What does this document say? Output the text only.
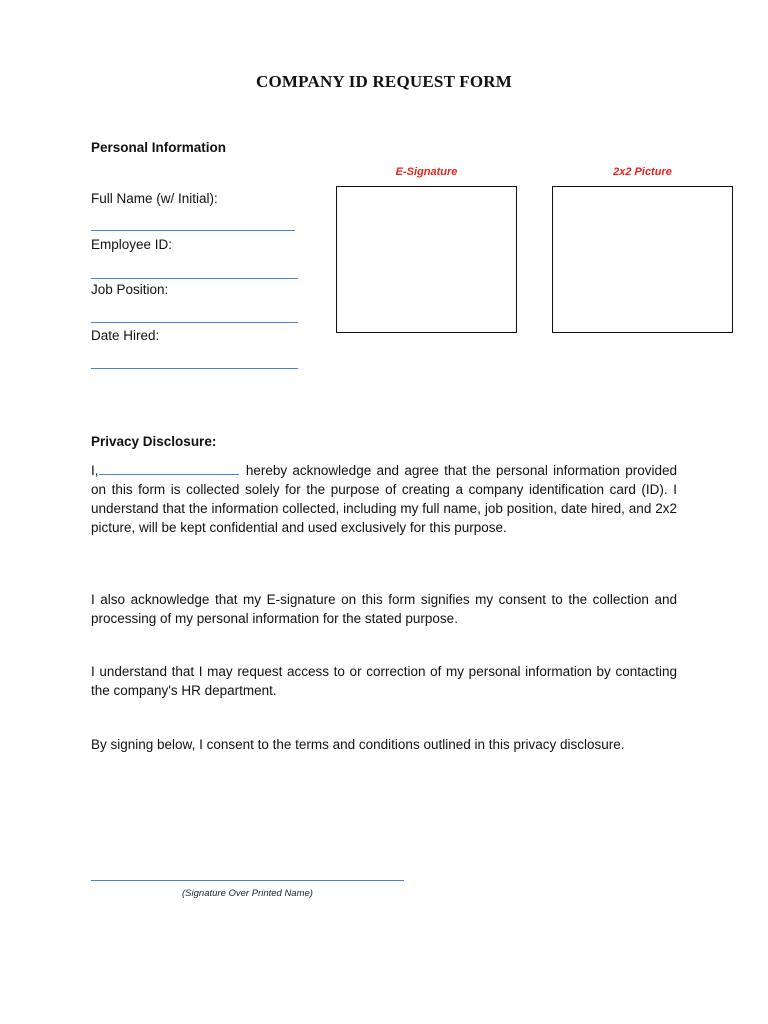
COMPANY ID REQUEST FORM
Personal Information
Full Name (w/ Initial):
Employee ID:
Job Position:
Date Hired:
E-Signature	2x2 Picture
Privacy Disclosure:
I,	hereby acknowledge and agree that the personal information provided on this form is collected solely for the purpose of creating a company identification card (ID). I understand that the information collected, including my full name, job position, date hired, and 2x2 picture, will be kept confidential and used exclusively for this purpose.
I also acknowledge that my E-signature on this form signifies my consent to the collection and processing of my personal information for the stated purpose.
I understand that I may request access to or correction of my personal information by contacting the company's HR department.
By signing below, I consent to the terms and conditions outlined in this privacy disclosure.
(Signature Over Printed Name)
